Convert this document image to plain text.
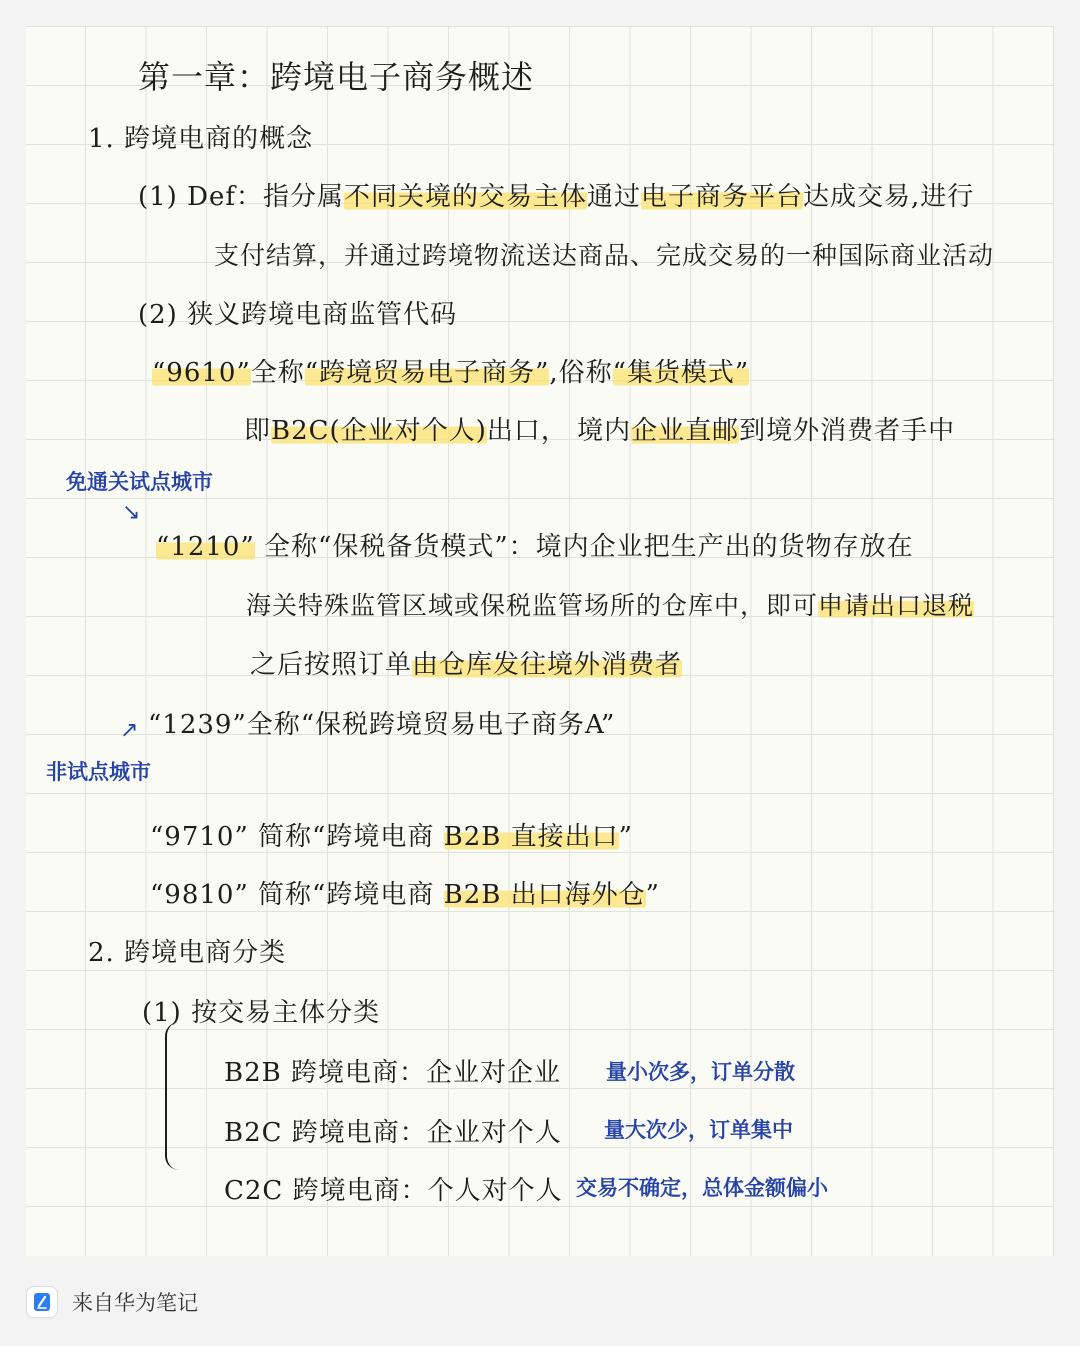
第一章：跨境电子商务概述
1. 跨境电商的概念
(1) Def：指分属不同关境的交易主体通过电子商务平台达成交易,进行
支付结算，并通过跨境物流送达商品、完成交易的一种国际商业活动
(2) 狭义跨境电商监管代码
“9610”全称“跨境贸易电子商务”,俗称“集货模式”
即B2C(企业对个人)出口， 境内企业直邮到境外消费者手中
免通关试点城市
↘
“1210” 全称“保税备货模式”：境内企业把生产出的货物存放在
海关特殊监管区域或保税监管场所的仓库中，即可申请出口退税
之后按照订单由仓库发往境外消费者
“1239”全称“保税跨境贸易电子商务A”
↗
非试点城市
“9710” 简称“跨境电商 B2B 直接出口”
“9810” 简称“跨境电商 B2B 出口海外仓”
2. 跨境电商分类
(1) 按交易主体分类
B2B 跨境电商：企业对企业 量小次多，订单分散
B2C 跨境电商：企业对个人 量大次少，订单集中
C2C 跨境电商：个人对个人 交易不确定，总体金额偏小
来自华为笔记
